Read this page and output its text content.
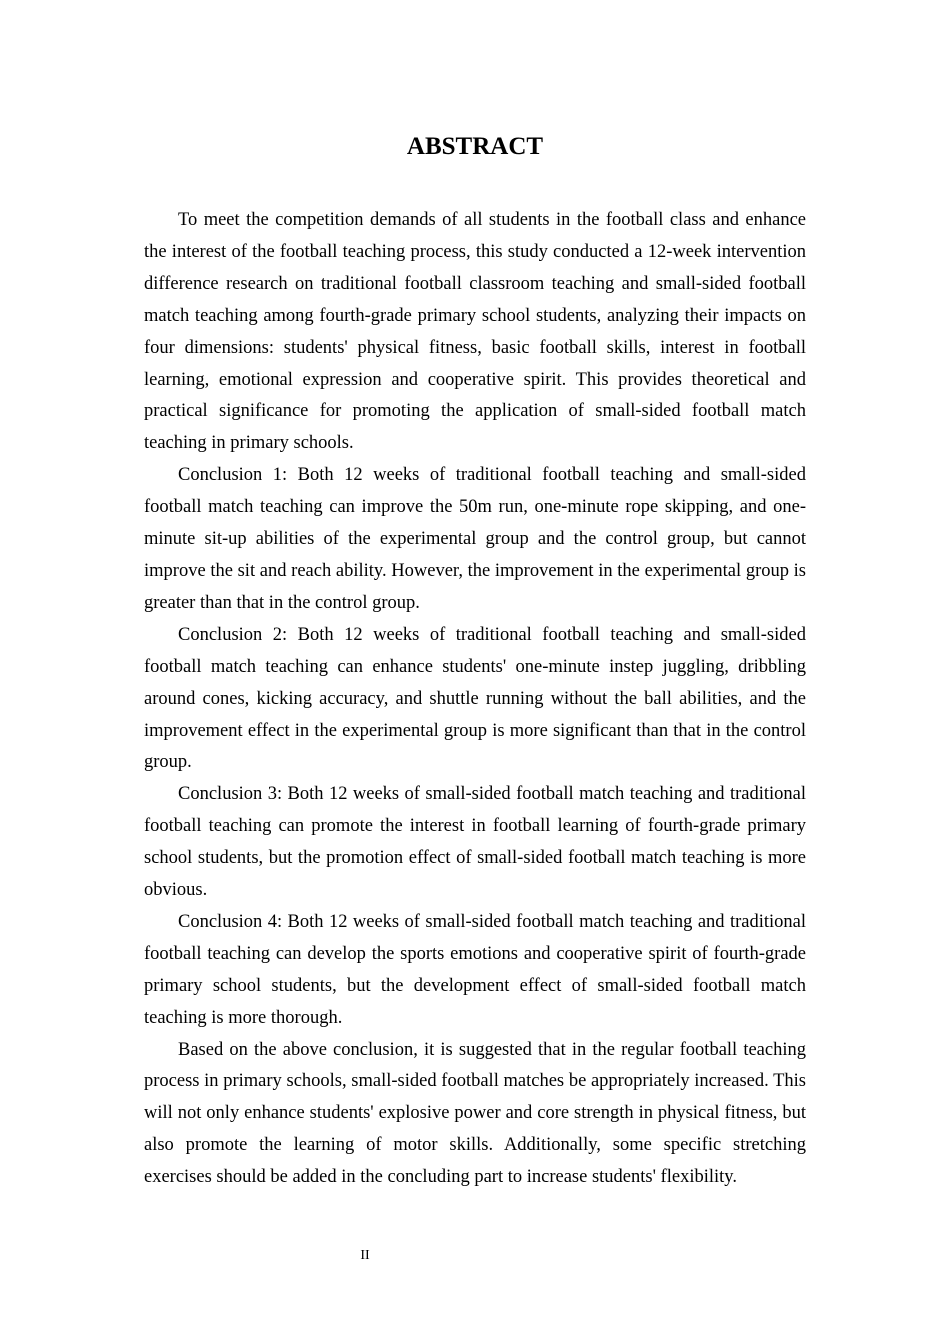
ABSTRACT

To meet the competition demands of all students in the football class and enhance the interest of the football teaching process, this study conducted a 12-week intervention difference research on traditional football classroom teaching and small-sided football match teaching among fourth-grade primary school students, analyzing their impacts on four dimensions: students' physical fitness, basic football skills, interest in football learning, emotional expression and cooperative spirit. This provides theoretical and practical significance for promoting the application of small-sided football match teaching in primary schools.

Conclusion 1: Both 12 weeks of traditional football teaching and small-sided football match teaching can improve the 50m run, one-minute rope skipping, and one-minute sit-up abilities of the experimental group and the control group, but cannot improve the sit and reach ability. However, the improvement in the experimental group is greater than that in the control group.

Conclusion 2: Both 12 weeks of traditional football teaching and small-sided football match teaching can enhance students' one-minute instep juggling, dribbling around cones, kicking accuracy, and shuttle running without the ball abilities, and the improvement effect in the experimental group is more significant than that in the control group.

Conclusion 3: Both 12 weeks of small-sided football match teaching and traditional football teaching can promote the interest in football learning of fourth-grade primary school students, but the promotion effect of small-sided football match teaching is more obvious.

Conclusion 4: Both 12 weeks of small-sided football match teaching and traditional football teaching can develop the sports emotions and cooperative spirit of fourth-grade primary school students, but the development effect of small-sided football match teaching is more thorough.

Based on the above conclusion, it is suggested that in the regular football teaching process in primary schools, small-sided football matches be appropriately increased. This will not only enhance students' explosive power and core strength in physical fitness, but also promote the learning of motor skills. Additionally, some specific stretching exercises should be added in the concluding part to increase students' flexibility.

II
